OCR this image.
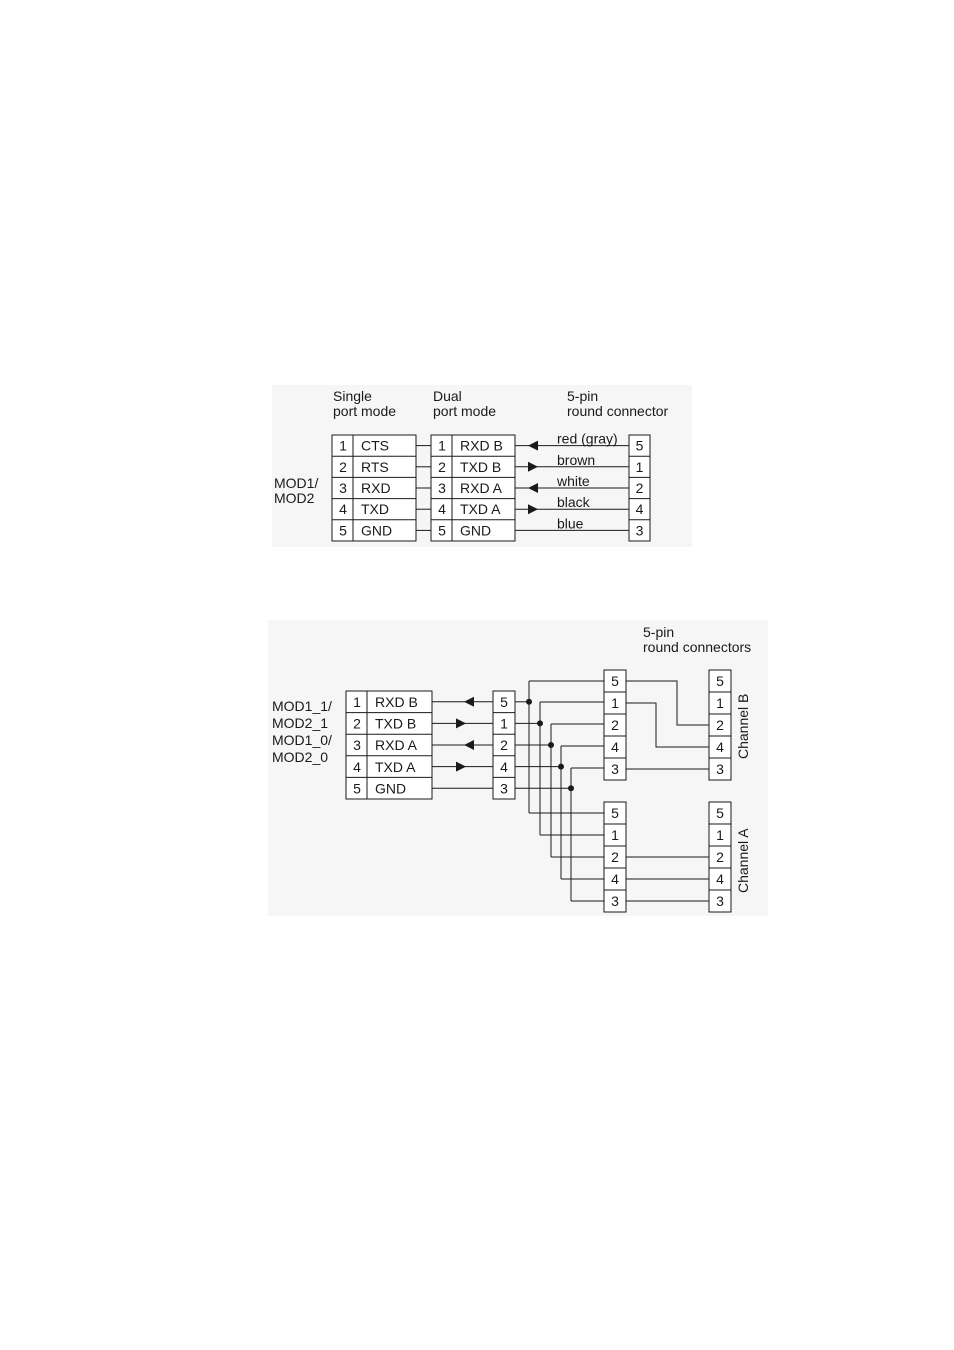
Single
port mode
Dual
port mode
5-pin
round connector
MOD1/
MOD2
1
2
3
4
5
CTS
RTS
RXD
TXD
GND
1
2
3
4
5
RXD B
TXD B
RXD A
TXD A
GND
red (gray)
brown
white
black
blue
5
1
2
4
3
5-pin
round connectors
MOD1_1/
MOD2_1
MOD1_0/
MOD2_0
1
2
3
4
5
RXD B
TXD B
RXD A
TXD A
GND
5
1
2
4
3
5
1
2
4
3
5
1
2
4
3
Channel B
5
1
2
4
3
5
1
2
4
3
Channel A
